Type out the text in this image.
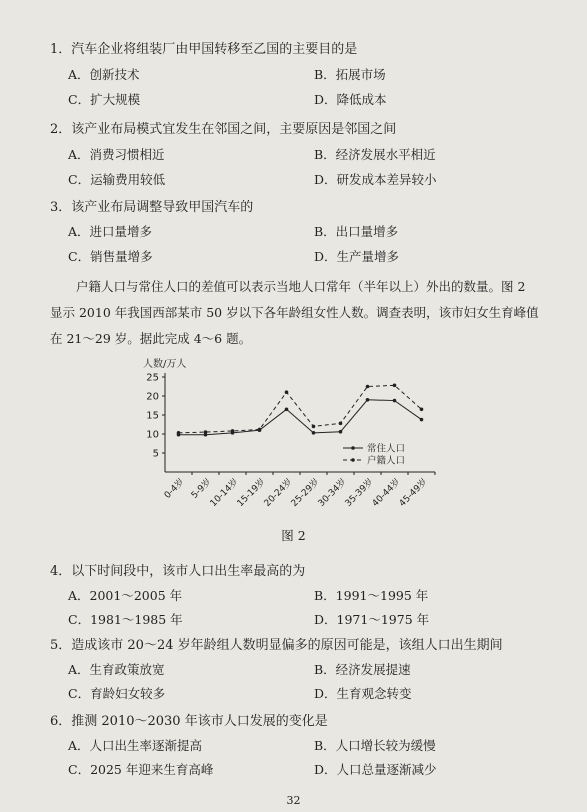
1．汽车企业将组装厂由甲国转移至乙国的主要目的是
A．创新技术	B．拓展市场
C．扩大规模	D．降低成本
2．该产业布局模式宜发生在邻国之间，主要原因是邻国之间
A．消费习惯相近	B．经济发展水平相近
C．运输费用较低	D．研发成本差异较小
3．该产业布局调整导致甲国汽车的
A．进口量增多	B．出口量增多
C．销售量增多	D．生产量增多
户籍人口与常住人口的差值可以表示当地人口常年（半年以上）外出的数量。图 2
显示 2010 年我国西部某市 50 岁以下各年龄组女性人数。调查表明，该市妇女生育峰值
在 21～29 岁。据此完成 4～6 题。
人数/万人
5
10
15
20
25
0-4岁 5-9岁
10-14岁
15-19岁
20-24岁
25-29岁
30-34岁
35-39岁
40-44岁
45-49岁
常住人口
户籍人口
图 2
4．以下时间段中，该市人口出生率最高的为
A．2001～2005 年	B．1991～1995 年
C．1981～1985 年	D．1971～1975 年
5．造成该市 20～24 岁年龄组人数明显偏多的原因可能是，该组人口出生期间
A．生育政策放宽	B．经济发展提速
C．育龄妇女较多	D．生育观念转变
6．推测 2010～2030 年该市人口发展的变化是
A．人口出生率逐渐提高	B．人口增长较为缓慢
C．2025 年迎来生育高峰	D．人口总量逐渐减少
32
